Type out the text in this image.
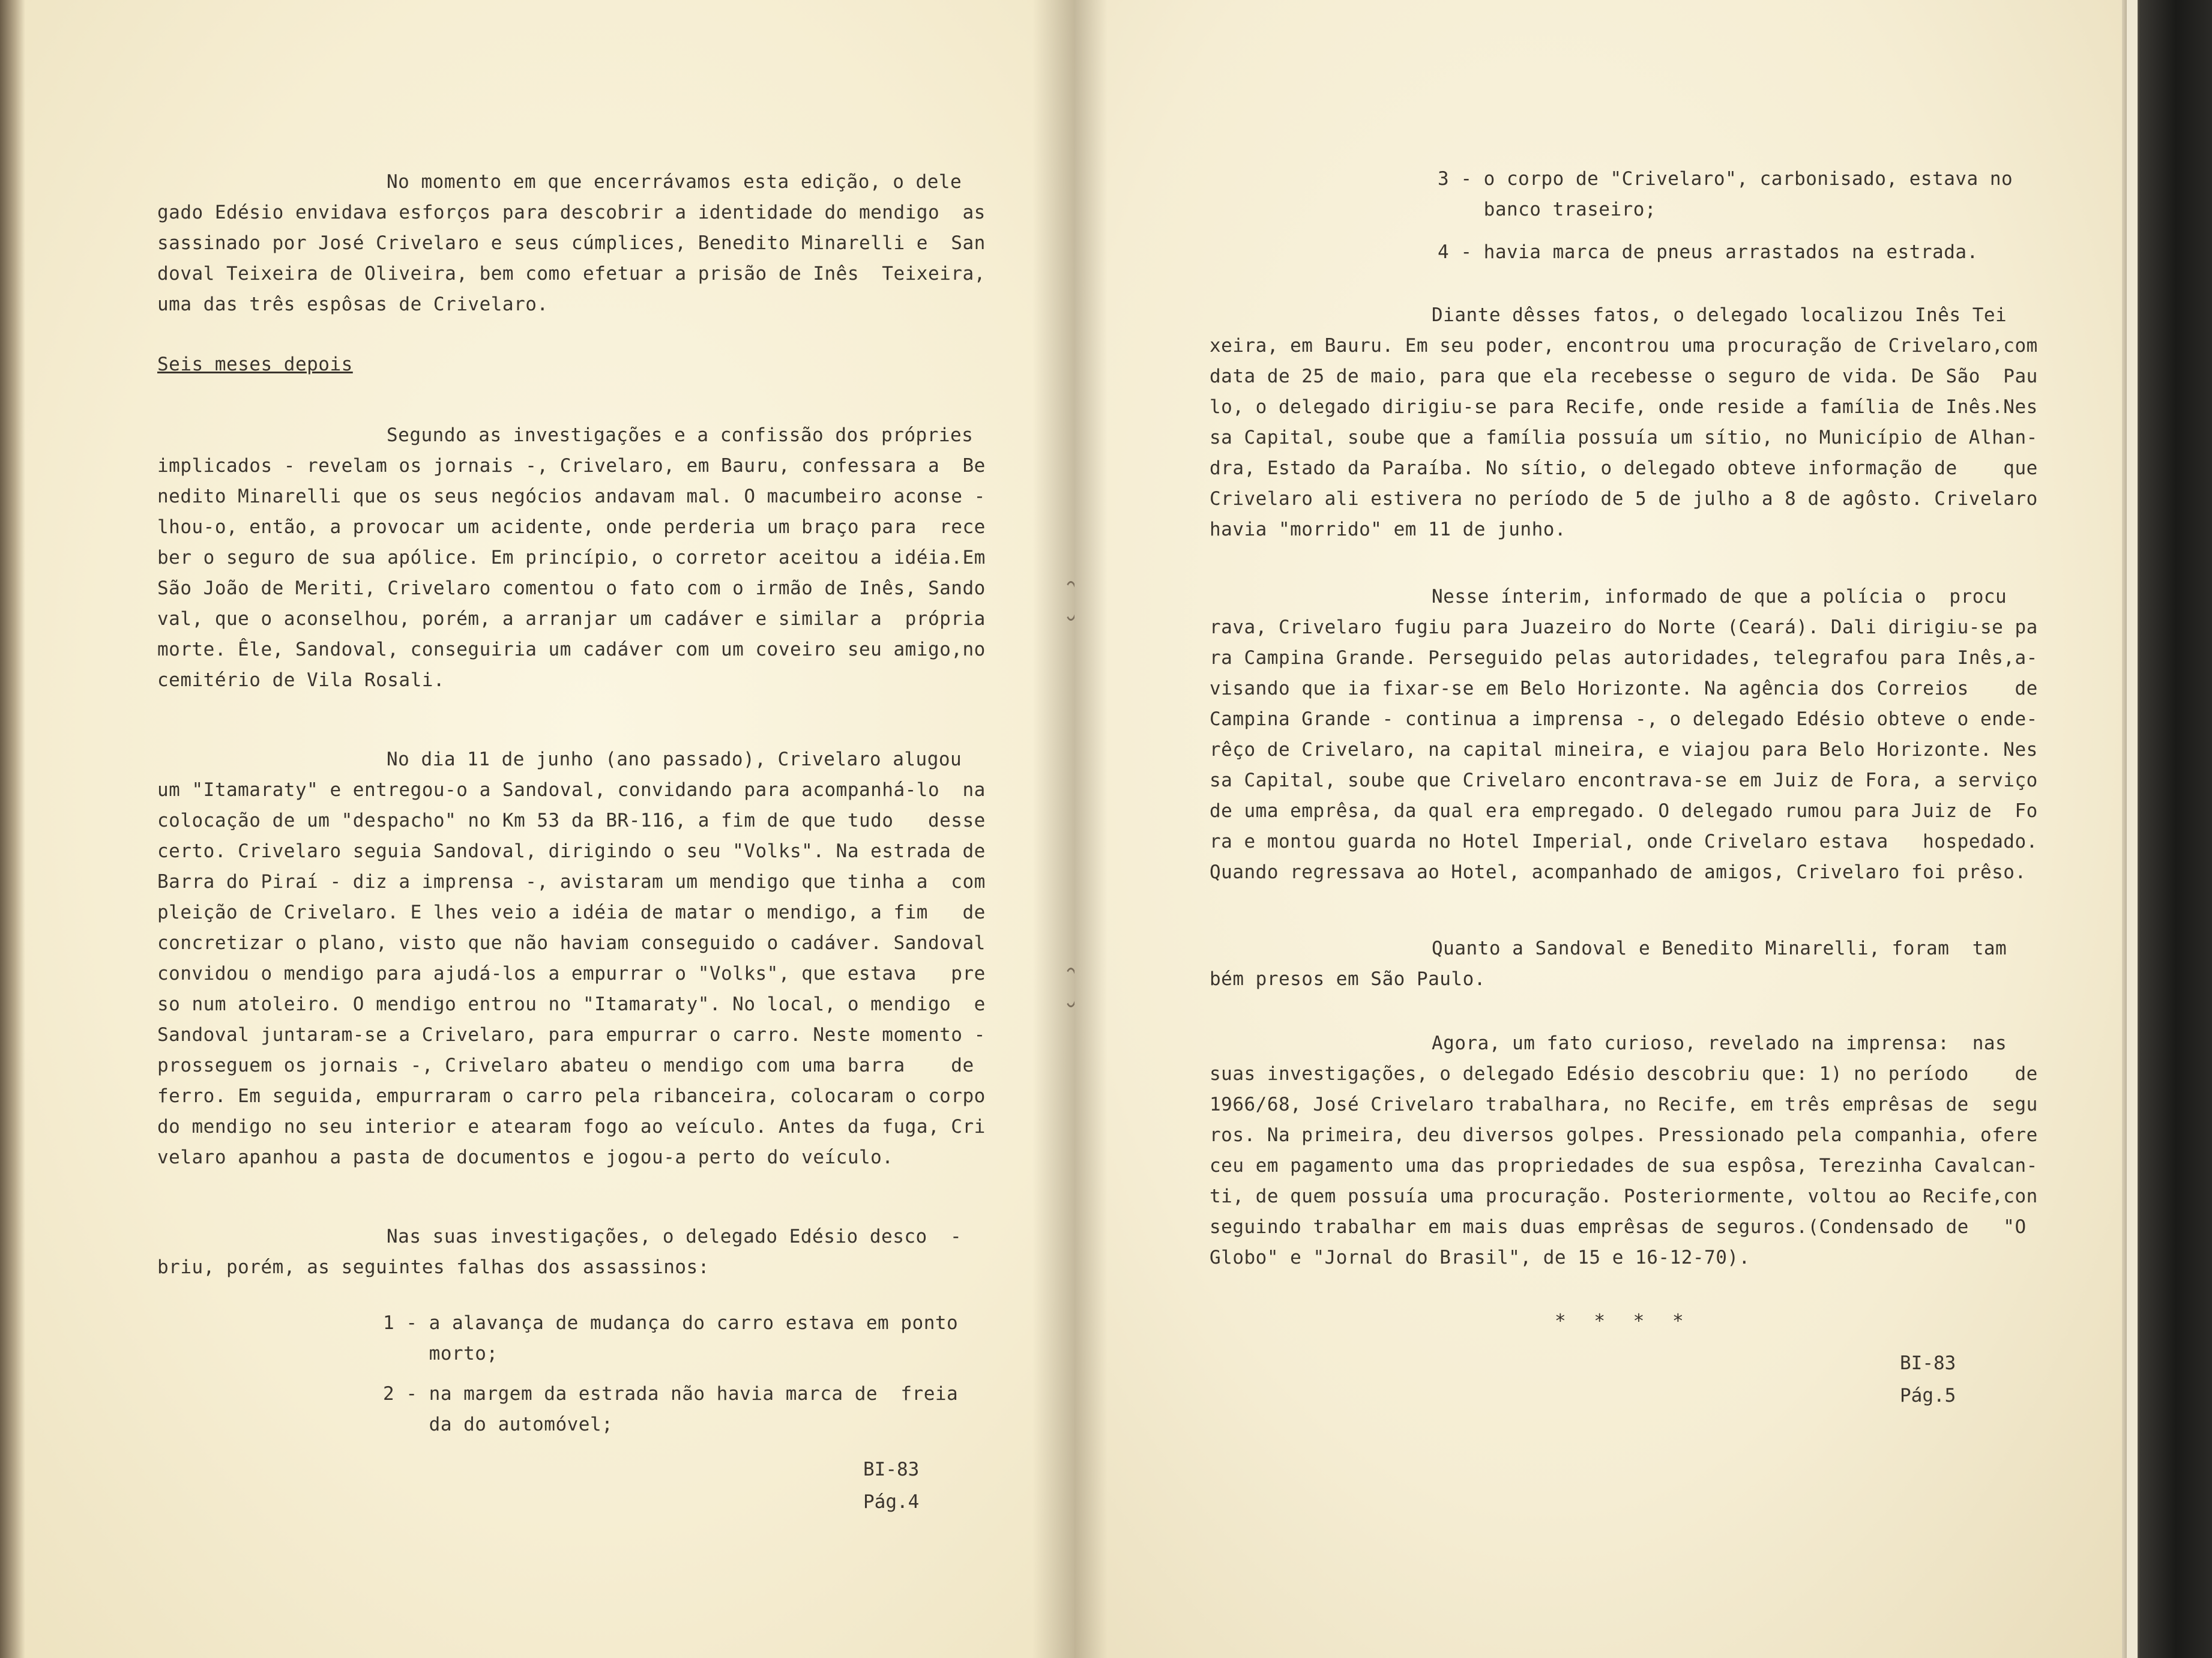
No momento em que encerrávamos esta edição, o dele
gado Edésio envidava esforços para descobrir a identidade do mendigo  as
sassinado por José Crivelaro e seus cúmplices, Benedito Minarelli e  San
doval Teixeira de Oliveira, bem como efetuar a prisão de Inês  Teixeira,
uma das três espôsas de Crivelaro.
Seis meses depois
Segundo as investigações e a confissão dos própries
implicados - revelam os jornais -, Crivelaro, em Bauru, confessara a  Be
nedito Minarelli que os seus negócios andavam mal. O macumbeiro aconse -
lhou-o, então, a provocar um acidente, onde perderia um braço para  rece
ber o seguro de sua apólice. Em princípio, o corretor aceitou a idéia.Em
São João de Meriti, Crivelaro comentou o fato com o irmão de Inês, Sando
val, que o aconselhou, porém, a arranjar um cadáver e similar a  própria
morte. Êle, Sandoval, conseguiria um cadáver com um coveiro seu amigo,no
cemitério de Vila Rosali.
No dia 11 de junho (ano passado), Crivelaro alugou
um "Itamaraty" e entregou-o a Sandoval, convidando para acompanhá-lo  na
colocação de um "despacho" no Km 53 da BR-116, a fim de que tudo   desse
certo. Crivelaro seguia Sandoval, dirigindo o seu "Volks". Na estrada de
Barra do Piraí - diz a imprensa -, avistaram um mendigo que tinha a  com
pleição de Crivelaro. E lhes veio a idéia de matar o mendigo, a fim   de
concretizar o plano, visto que não haviam conseguido o cadáver. Sandoval
convidou o mendigo para ajudá-los a empurrar o "Volks", que estava   pre
so num atoleiro. O mendigo entrou no "Itamaraty". No local, o mendigo  e
Sandoval juntaram-se a Crivelaro, para empurrar o carro. Neste momento -
prosseguem os jornais -, Crivelaro abateu o mendigo com uma barra    de
ferro. Em seguida, empurraram o carro pela ribanceira, colocaram o corpo
do mendigo no seu interior e atearam fogo ao veículo. Antes da fuga, Cri
velaro apanhou a pasta de documentos e jogou-a perto do veículo.
Nas suas investigações, o delegado Edésio desco  -
briu, porém, as seguintes falhas dos assassinos:
1 - a alavança de mudança do carro estava em ponto
morto;
2 - na margem da estrada não havia marca de  freia
da do automóvel;
BI-83
Pág.4
3 - o corpo de "Crivelaro", carbonisado, estava no
banco traseiro;
4 - havia marca de pneus arrastados na estrada.
Diante dêsses fatos, o delegado localizou Inês Tei
xeira, em Bauru. Em seu poder, encontrou uma procuração de Crivelaro,com
data de 25 de maio, para que ela recebesse o seguro de vida. De São  Pau
lo, o delegado dirigiu-se para Recife, onde reside a família de Inês.Nes
sa Capital, soube que a família possuía um sítio, no Município de Alhan-
dra, Estado da Paraíba. No sítio, o delegado obteve informação de    que
Crivelaro ali estivera no período de 5 de julho a 8 de agôsto. Crivelaro
havia "morrido" em 11 de junho.
Nesse ínterim, informado de que a polícia o  procu
rava, Crivelaro fugiu para Juazeiro do Norte (Ceará). Dali dirigiu-se pa
ra Campina Grande. Perseguido pelas autoridades, telegrafou para Inês,a-
visando que ia fixar-se em Belo Horizonte. Na agência dos Correios    de
Campina Grande - continua a imprensa -, o delegado Edésio obteve o ende-
rêço de Crivelaro, na capital mineira, e viajou para Belo Horizonte. Nes
sa Capital, soube que Crivelaro encontrava-se em Juiz de Fora, a serviço
de uma emprêsa, da qual era empregado. O delegado rumou para Juiz de  Fo
ra e montou guarda no Hotel Imperial, onde Crivelaro estava   hospedado.
Quando regressava ao Hotel, acompanhado de amigos, Crivelaro foi prêso.
Quanto a Sandoval e Benedito Minarelli, foram  tam
bém presos em São Paulo.
Agora, um fato curioso, revelado na imprensa:  nas
suas investigações, o delegado Edésio descobriu que: 1) no período    de
1966/68, José Crivelaro trabalhara, no Recife, em três emprêsas de  segu
ros. Na primeira, deu diversos golpes. Pressionado pela companhia, ofere
ceu em pagamento uma das propriedades de sua espôsa, Terezinha Cavalcan-
ti, de quem possuía uma procuração. Posteriormente, voltou ao Recife,con
seguindo trabalhar em mais duas emprêsas de seguros.(Condensado de   "O
Globo" e "Jornal do Brasil", de 15 e 16-12-70).
BI-83
Pág.5
* * * *
